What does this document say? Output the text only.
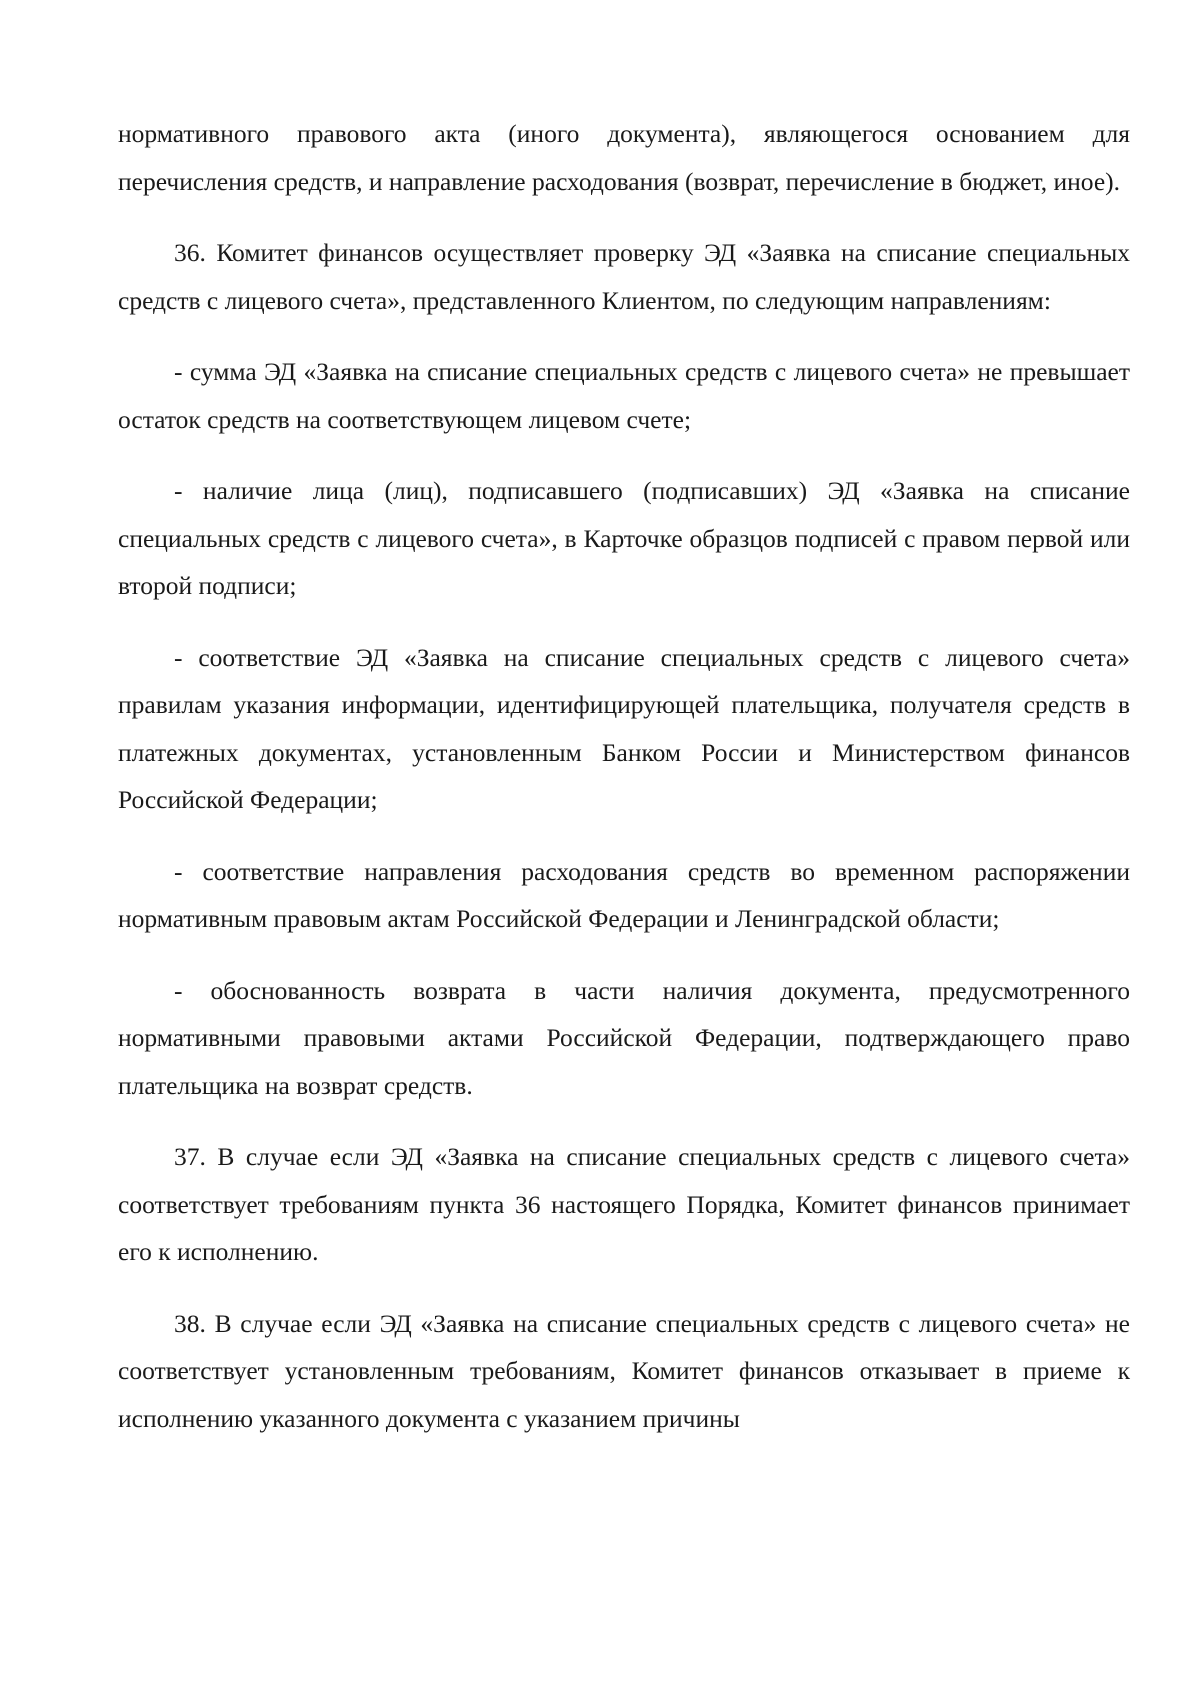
нормативного правового акта (иного документа), являющегося основанием для перечисления средств, и направление расходования (возврат, перечисление в бюджет, иное).

36. Комитет финансов осуществляет проверку ЭД «Заявка на списание специальных средств с лицевого счета», представленного Клиентом, по следующим направлениям:

- сумма ЭД «Заявка на списание специальных средств с лицевого счета» не превышает остаток средств на соответствующем лицевом счете;

- наличие лица (лиц), подписавшего (подписавших) ЭД «Заявка на списание специальных средств с лицевого счета», в Карточке образцов подписей с правом первой или второй подписи;

- соответствие ЭД «Заявка на списание специальных средств с лицевого счета» правилам указания информации, идентифицирующей плательщика, получателя средств в платежных документах, установленным Банком России и Министерством финансов Российской Федерации;

- соответствие направления расходования средств во временном распоряжении нормативным правовым актам Российской Федерации и Ленинградской области;

- обоснованность возврата в части наличия документа, предусмотренного нормативными правовыми актами Российской Федерации, подтверждающего право плательщика на возврат средств.

37. В случае если ЭД «Заявка на списание специальных средств с лицевого счета» соответствует требованиям пункта 36 настоящего Порядка, Комитет финансов принимает его к исполнению.

38. В случае если ЭД «Заявка на списание специальных средств с лицевого счета» не соответствует установленным требованиям, Комитет финансов отказывает в приеме к исполнению указанного документа с указанием причины
